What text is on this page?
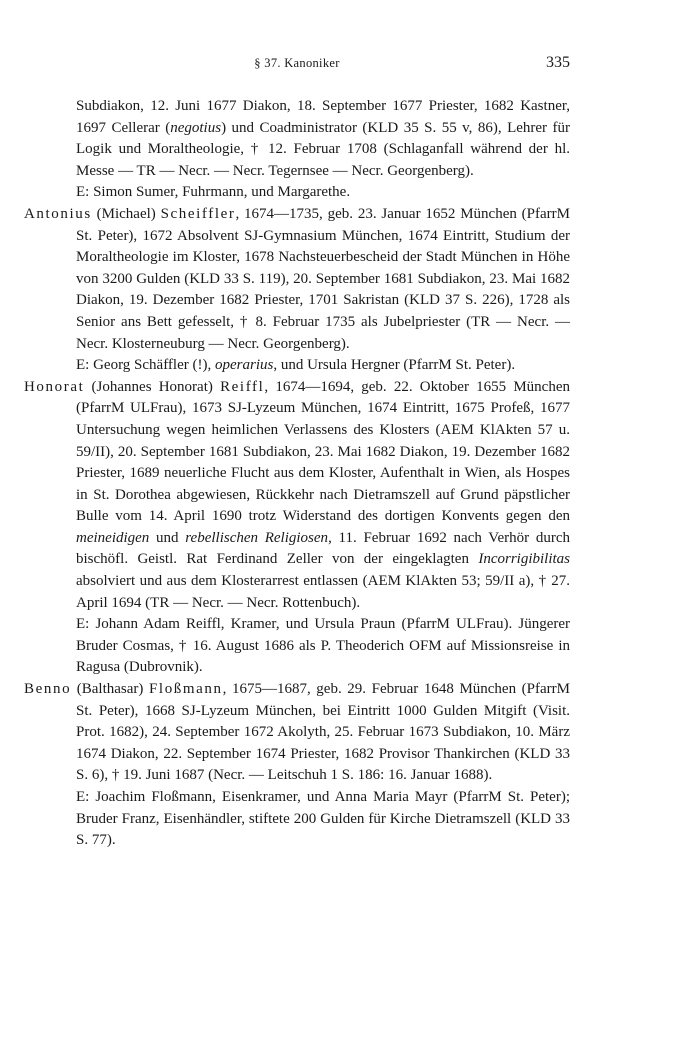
§ 37. Kanoniker	335

Subdiakon, 12. Juni 1677 Diakon, 18. September 1677 Priester, 1682 Kastner, 1697 Cellerar (negotius) und Coadministrator (KLD 35 S. 55 v, 86), Lehrer für Logik und Moraltheologie, † 12. Februar 1708 (Schlaganfall während der hl. Messe — TR — Necr. — Necr. Tegernsee — Necr. Georgenberg).

E: Simon Sumer, Fuhrmann, und Margarethe.

Antonius (Michael) Scheiffler, 1674—1735, geb. 23. Januar 1652 München (PfarrM St. Peter), 1672 Absolvent SJ-Gymnasium München, 1674 Eintritt, Studium der Moraltheologie im Kloster, 1678 Nachsteuerbescheid der Stadt München in Höhe von 3200 Gulden (KLD 33 S. 119), 20. September 1681 Subdiakon, 23. Mai 1682 Diakon, 19. Dezember 1682 Priester, 1701 Sakristan (KLD 37 S. 226), 1728 als Senior ans Bett gefesselt, † 8. Februar 1735 als Jubelpriester (TR — Necr. — Necr. Klosterneuburg — Necr. Georgenberg).

E: Georg Schäffler (!), operarius, und Ursula Hergner (PfarrM St. Peter).

Honorat (Johannes Honorat) Reiffl, 1674—1694, geb. 22. Oktober 1655 München (PfarrM ULFrau), 1673 SJ-Lyzeum München, 1674 Eintritt, 1675 Profeß, 1677 Untersuchung wegen heimlichen Verlassens des Klosters (AEM KlAkten 57 u. 59/II), 20. September 1681 Subdiakon, 23. Mai 1682 Diakon, 19. Dezember 1682 Priester, 1689 neuerliche Flucht aus dem Kloster, Aufenthalt in Wien, als Hospes in St. Dorothea abgewiesen, Rückkehr nach Dietramszell auf Grund päpstlicher Bulle vom 14. April 1690 trotz Widerstand des dortigen Konvents gegen den meineidigen und rebellischen Religiosen, 11. Februar 1692 nach Verhör durch bischöfl. Geistl. Rat Ferdinand Zeller von der eingeklagten Incorrigibilitas absolviert und aus dem Klosterarrest entlassen (AEM KlAkten 53; 59/II a), † 27. April 1694 (TR — Necr. — Necr. Rottenbuch).

E: Johann Adam Reiffl, Kramer, und Ursula Praun (PfarrM ULFrau). Jüngerer Bruder Cosmas, † 16. August 1686 als P. Theoderich OFM auf Missionsreise in Ragusa (Dubrovnik).

Benno (Balthasar) Floßmann, 1675—1687, geb. 29. Februar 1648 München (PfarrM St. Peter), 1668 SJ-Lyzeum München, bei Eintritt 1000 Gulden Mitgift (Visit. Prot. 1682), 24. September 1672 Akolyth, 25. Februar 1673 Subdiakon, 10. März 1674 Diakon, 22. September 1674 Priester, 1682 Provisor Thankirchen (KLD 33 S. 6), † 19. Juni 1687 (Necr. — Leitschuh 1 S. 186: 16. Januar 1688).

E: Joachim Floßmann, Eisenkramer, und Anna Maria Mayr (PfarrM St. Peter); Bruder Franz, Eisenhändler, stiftete 200 Gulden für Kirche Dietramszell (KLD 33 S. 77).
